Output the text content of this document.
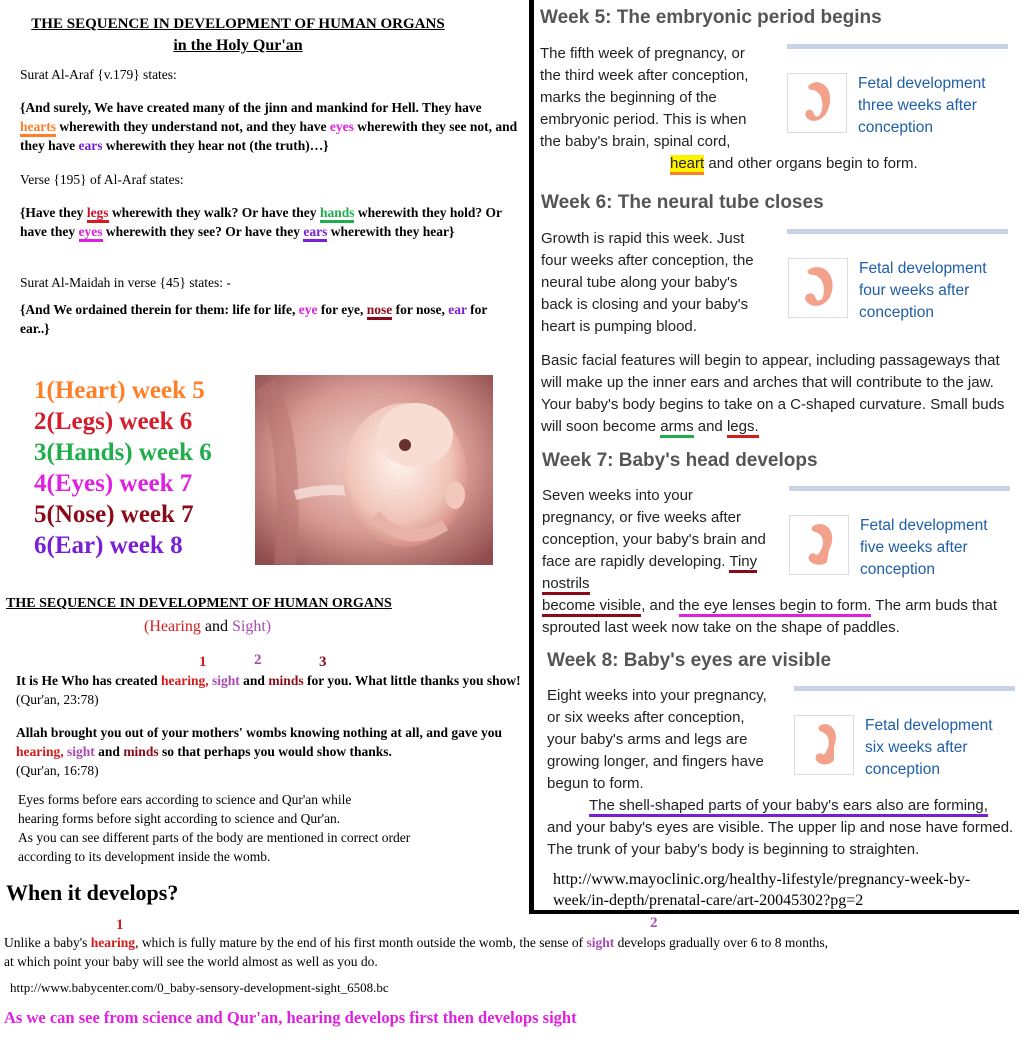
THE SEQUENCE IN DEVELOPMENT OF HUMAN ORGANS
in the Holy Qur'an
Surat Al-Araf {v.179} states:
{And surely, We have created many of the jinn and mankind for Hell. They have hearts wherewith they understand not, and they have eyes wherewith they see not, and they have ears wherewith they hear not (the truth)…}
Verse {195} of Al-Araf states:
{Have they legs wherewith they walk? Or have they hands wherewith they hold? Or have they eyes wherewith they see? Or have they ears wherewith they hear}
Surat Al-Maidah in verse {45} states: -
{And We ordained therein for them: life for life, eye for eye, nose for nose, ear for ear..}
1(Heart) week 5
2(Legs) week 6
3(Hands) week 6
4(Eyes) week 7
5(Nose) week 7
6(Ear) week 8
THE SEQUENCE IN DEVELOPMENT OF HUMAN ORGANS
(Hearing and Sight)
1	2	3
It is He Who has created hearing, sight and minds for you. What little thanks you show! (Qur'an, 23:78)
Allah brought you out of your mothers' wombs knowing nothing at all, and gave you hearing, sight and minds so that perhaps you would show thanks.
(Qur'an, 16:78)
Eyes forms before ears according to science and Qur'an while
hearing forms before sight according to science and Qur'an.
As you can see different parts of the body are mentioned in correct order
according to its development inside the womb.
When it develops?
Week 5: The embryonic period begins
The fifth week of pregnancy, or the third week after conception, marks the beginning of the embryonic period. This is when the baby's brain, spinal cord,
heart and other organs begin to form.
Fetal development
three weeks after
conception
Week 6: The neural tube closes
Growth is rapid this week. Just four weeks after conception, the neural tube along your baby's back is closing and your baby's heart is pumping blood.
Fetal development
four weeks after
conception
Basic facial features will begin to appear, including passageways that will make up the inner ears and arches that will contribute to the jaw. Your baby's body begins to take on a C-shaped curvature. Small buds will soon become arms and legs.
Week 7: Baby's head develops
Seven weeks into your pregnancy, or five weeks after conception, your baby's brain and face are rapidly developing. Tiny nostrils
become visible, and the eye lenses begin to form. The arm buds that sprouted last week now take on the shape of paddles.
Fetal development
five weeks after
conception
Week 8: Baby's eyes are visible
Eight weeks into your pregnancy, or six weeks after conception, your baby's arms and legs are growing longer, and fingers have begun to form.
The shell-shaped parts of your baby's ears also are forming,
and your baby's eyes are visible. The upper lip and nose have formed. The trunk of your baby's body is beginning to straighten.
Fetal development
six weeks after
conception
http://www.mayoclinic.org/healthy-lifestyle/pregnancy-week-by-
week/in-depth/prenatal-care/art-20045302?pg=2
1	2
Unlike a baby's hearing, which is fully mature by the end of his first month outside the womb, the sense of sight develops gradually over 6 to 8 months,
at which point your baby will see the world almost as well as you do.
http://www.babycenter.com/0_baby-sensory-development-sight_6508.bc
As we can see from science and Qur'an, hearing develops first then develops sight
